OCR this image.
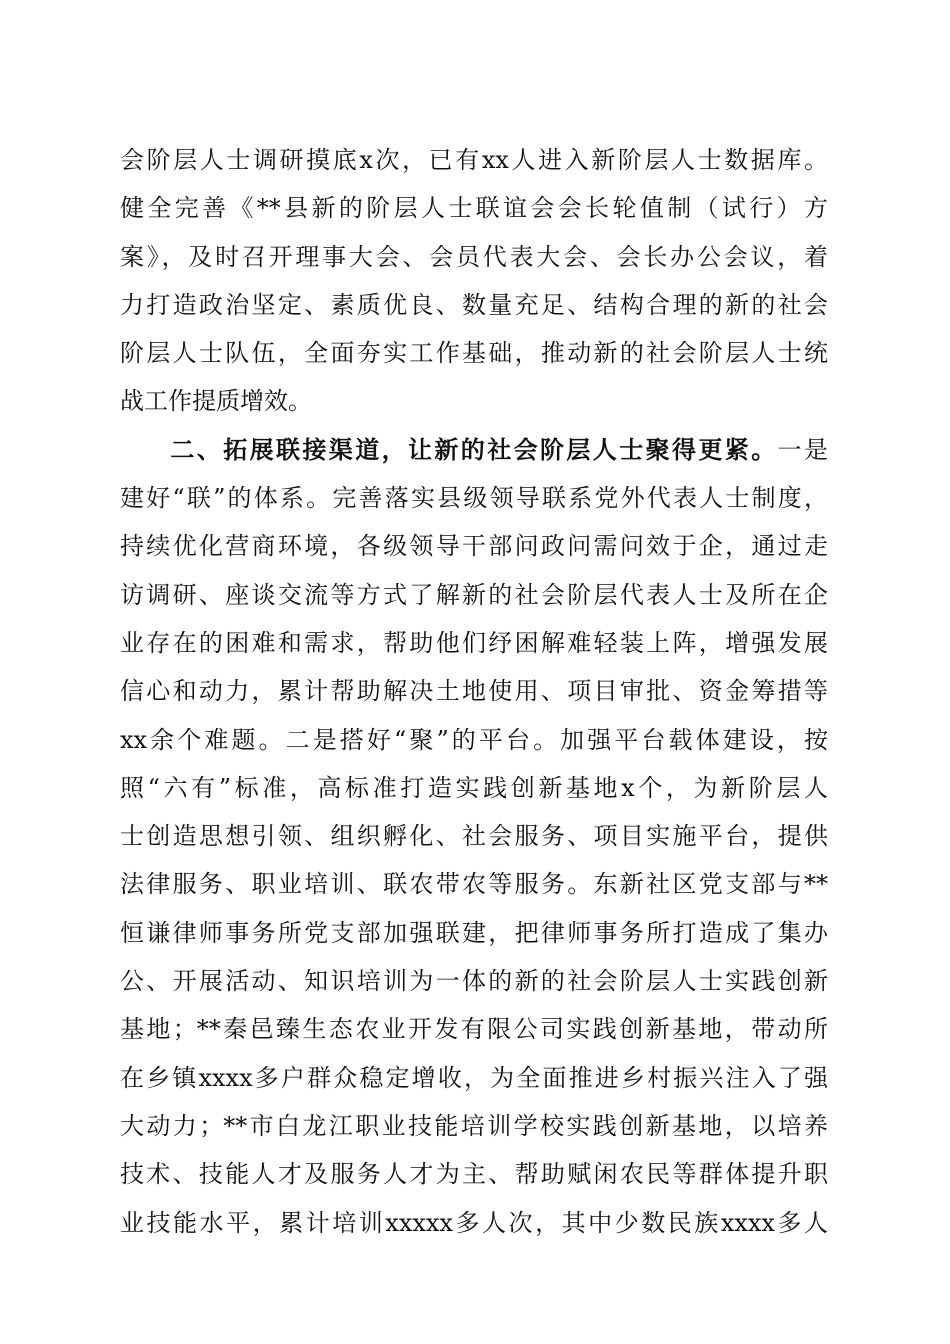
会阶层人士调研摸底x次，已有xx人进入新阶层人士数据库。
健全完善《**县新的阶层人士联谊会会长轮值制（试行）方
案》，及时召开理事大会、会员代表大会、会长办公会议，着
力打造政治坚定、素质优良、数量充足、结构合理的新的社会
阶层人士队伍，全面夯实工作基础，推动新的社会阶层人士统
战工作提质增效。
二、拓展联接渠道，让新的社会阶层人士聚得更紧。一是
建好“联”的体系。完善落实县级领导联系党外代表人士制度，
持续优化营商环境，各级领导干部问政问需问效于企，通过走
访调研、座谈交流等方式了解新的社会阶层代表人士及所在企
业存在的困难和需求，帮助他们纾困解难轻装上阵，增强发展
信心和动力，累计帮助解决土地使用、项目审批、资金筹措等
xx余个难题。二是搭好“聚”的平台。加强平台载体建设，按
照“六有”标准，高标准打造实践创新基地x个，为新阶层人
士创造思想引领、组织孵化、社会服务、项目实施平台，提供
法律服务、职业培训、联农带农等服务。东新社区党支部与**
恒谦律师事务所党支部加强联建，把律师事务所打造成了集办
公、开展活动、知识培训为一体的新的社会阶层人士实践创新
基地；**秦邑臻生态农业开发有限公司实践创新基地，带动所
在乡镇xxxx多户群众稳定增收，为全面推进乡村振兴注入了强
大动力；**市白龙江职业技能培训学校实践创新基地，以培养
技术、技能人才及服务人才为主、帮助赋闲农民等群体提升职
业技能水平，累计培训xxxxx多人次，其中少数民族xxxx多人
